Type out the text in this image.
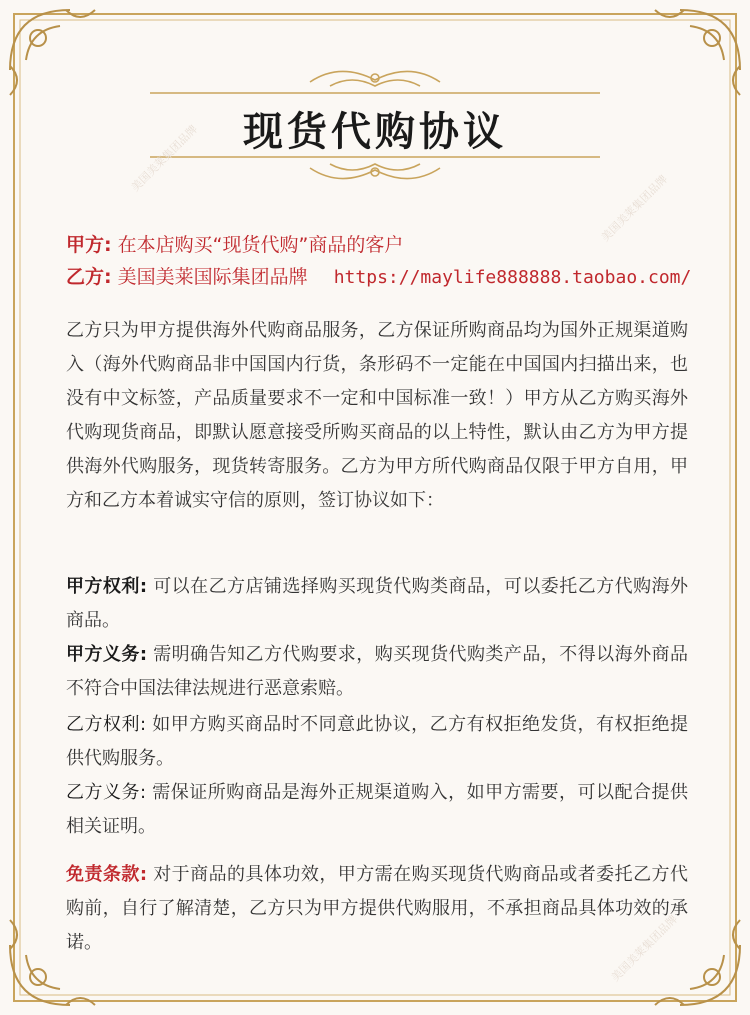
美国美莱集团品牌
美国美莱集团品牌
美国美莱集团品牌
现货代购协议
甲方: 在本店购买“现货代购”商品的客户
乙方: 美国美莱国际集团品牌 https://maylife888888.taobao.com/
乙方只为甲方提供海外代购商品服务，乙方保证所购商品均为国外正规渠道购入（海外代购商品非中国国内行货，条形码不一定能在中国国内扫描出来，也没有中文标签，产品质量要求不一定和中国标准一致！）甲方从乙方购买海外代购现货商品，即默认愿意接受所购买商品的以上特性，默认由乙方为甲方提供海外代购服务，现货转寄服务。乙方为甲方所代购商品仅限于甲方自用，甲方和乙方本着诚实守信的原则，签订协议如下：
甲方权利: 可以在乙方店铺选择购买现货代购类商品，可以委托乙方代购海外商品。
甲方义务: 需明确告知乙方代购要求，购买现货代购类产品，不得以海外商品不符合中国法律法规进行恶意索赔。
乙方权利: 如甲方购买商品时不同意此协议，乙方有权拒绝发货，有权拒绝提供代购服务。
乙方义务: 需保证所购商品是海外正规渠道购入，如甲方需要，可以配合提供相关证明。
免责条款: 对于商品的具体功效，甲方需在购买现货代购商品或者委托乙方代购前，自行了解清楚，乙方只为甲方提供代购服用，不承担商品具体功效的承诺。
